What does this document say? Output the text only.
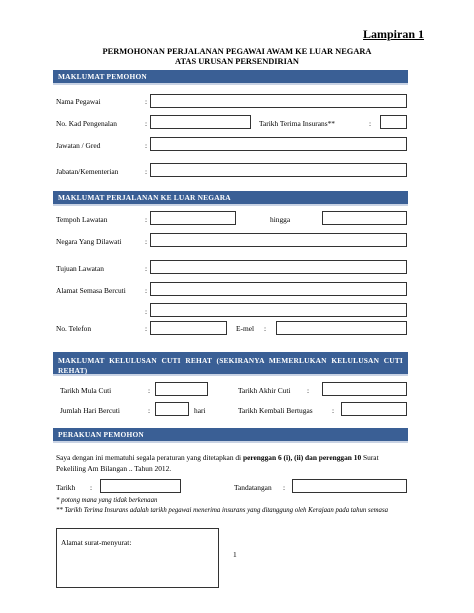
Lampiran 1
PERMOHONAN PERJALANAN PEGAWAI AWAM KE LUAR NEGARA
ATAS URUSAN PERSENDIRIAN
MAKLUMAT PEMOHON
Nama Pegawai	:
No. Kad Pengenalan	:	Tarikh Terima Insurans**	:
Jawatan / Gred	:
Jabatan/Kementerian	:
MAKLUMAT PERJALANAN KE LUAR NEGARA
Tempoh Lawatan	:	hingga
Negara Yang Dilawati	:
Tujuan Lawatan	:
Alamat Semasa Bercuti	:
:
No. Telefon	:	E-mel :
MAKLUMAT KELULUSAN CUTI REHAT (SEKIRANYA MEMERLUKAN KELULUSAN CUTI REHAT)
Tarikh Mula Cuti	:	Tarikh Akhir Cuti :
Jumlah Hari Bercuti	:	hari	Tarikh Kembali Bertugas	:
PERAKUAN PEMOHON
Saya dengan ini mematuhi segala peraturan yang ditetapkan di perenggan 6 (i), (ii) dan perenggan 10 Surat Pekeliling Am Bilangan .. Tahun 2012.
Tarikh :	Tandatangan :
* potong mana yang tidak berkenaan
** Tarikh Terima Insurans adalah tarikh pegawai menerima insurans yang ditanggung oleh Kerajaan pada tahun semasa
Alamat surat-menyurat:
1
